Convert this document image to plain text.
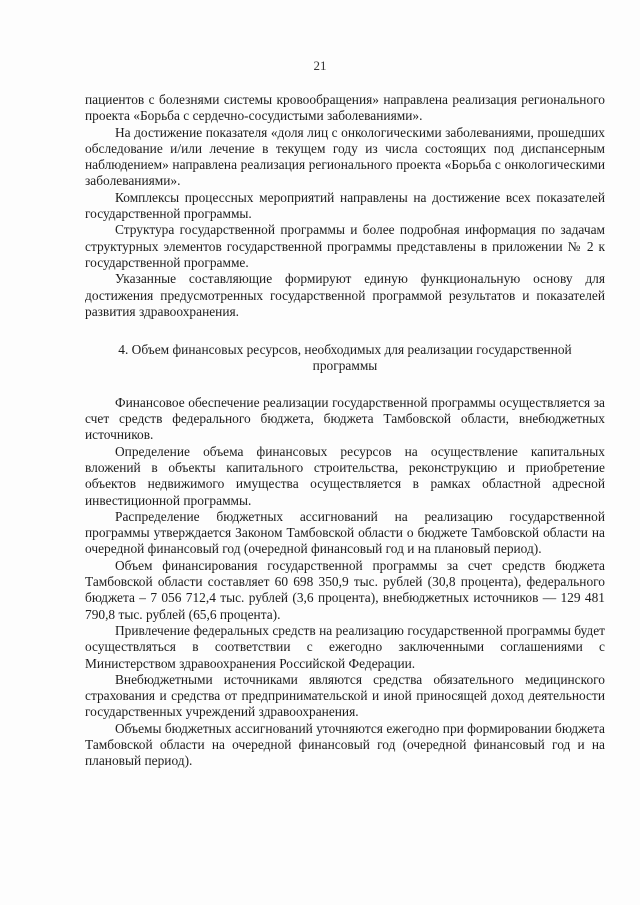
21

пациентов с болезнями системы кровообращения» направлена реализация регионального проекта «Борьба с сердечно-сосудистыми заболеваниями».

На достижение показателя «доля лиц с онкологическими заболеваниями, прошедших обследование и/или лечение в текущем году из числа состоящих под диспансерным наблюдением» направлена реализация регионального проекта «Борьба с онкологическими заболеваниями».

Комплексы процессных мероприятий направлены на достижение всех показателей государственной программы.

Структура государственной программы и более подробная информация по задачам структурных элементов государственной программы представлены в приложении № 2 к государственной программе.

Указанные составляющие формируют единую функциональную основу для достижения предусмотренных государственной программой результатов и показателей развития здравоохранения.

4. Объем финансовых ресурсов, необходимых для реализации государственной программы

Финансовое обеспечение реализации государственной программы осуществляется за счет средств федерального бюджета, бюджета Тамбовской области, внебюджетных источников.

Определение объема финансовых ресурсов на осуществление капитальных вложений в объекты капитального строительства, реконструкцию и приобретение объектов недвижимого имущества осуществляется в рамках областной адресной инвестиционной программы.

Распределение бюджетных ассигнований на реализацию государственной программы утверждается Законом Тамбовской области о бюджете Тамбовской области на очередной финансовый год (очередной финансовый год и на плановый период).

Объем финансирования государственной программы за счет средств бюджета Тамбовской области составляет 60 698 350,9 тыс. рублей (30,8 процента), федерального бюджета – 7 056 712,4 тыс. рублей (3,6 процента), внебюджетных источников — 129 481 790,8 тыс. рублей (65,6 процента).

Привлечение федеральных средств на реализацию государственной программы будет осуществляться в соответствии с ежегодно заключенными соглашениями с Министерством здравоохранения Российской Федерации.

Внебюджетными источниками являются средства обязательного медицинского страхования и средства от предпринимательской и иной приносящей доход деятельности государственных учреждений здравоохранения.

Объемы бюджетных ассигнований уточняются ежегодно при формировании бюджета Тамбовской области на очередной финансовый год (очередной финансовый год и на плановый период).
